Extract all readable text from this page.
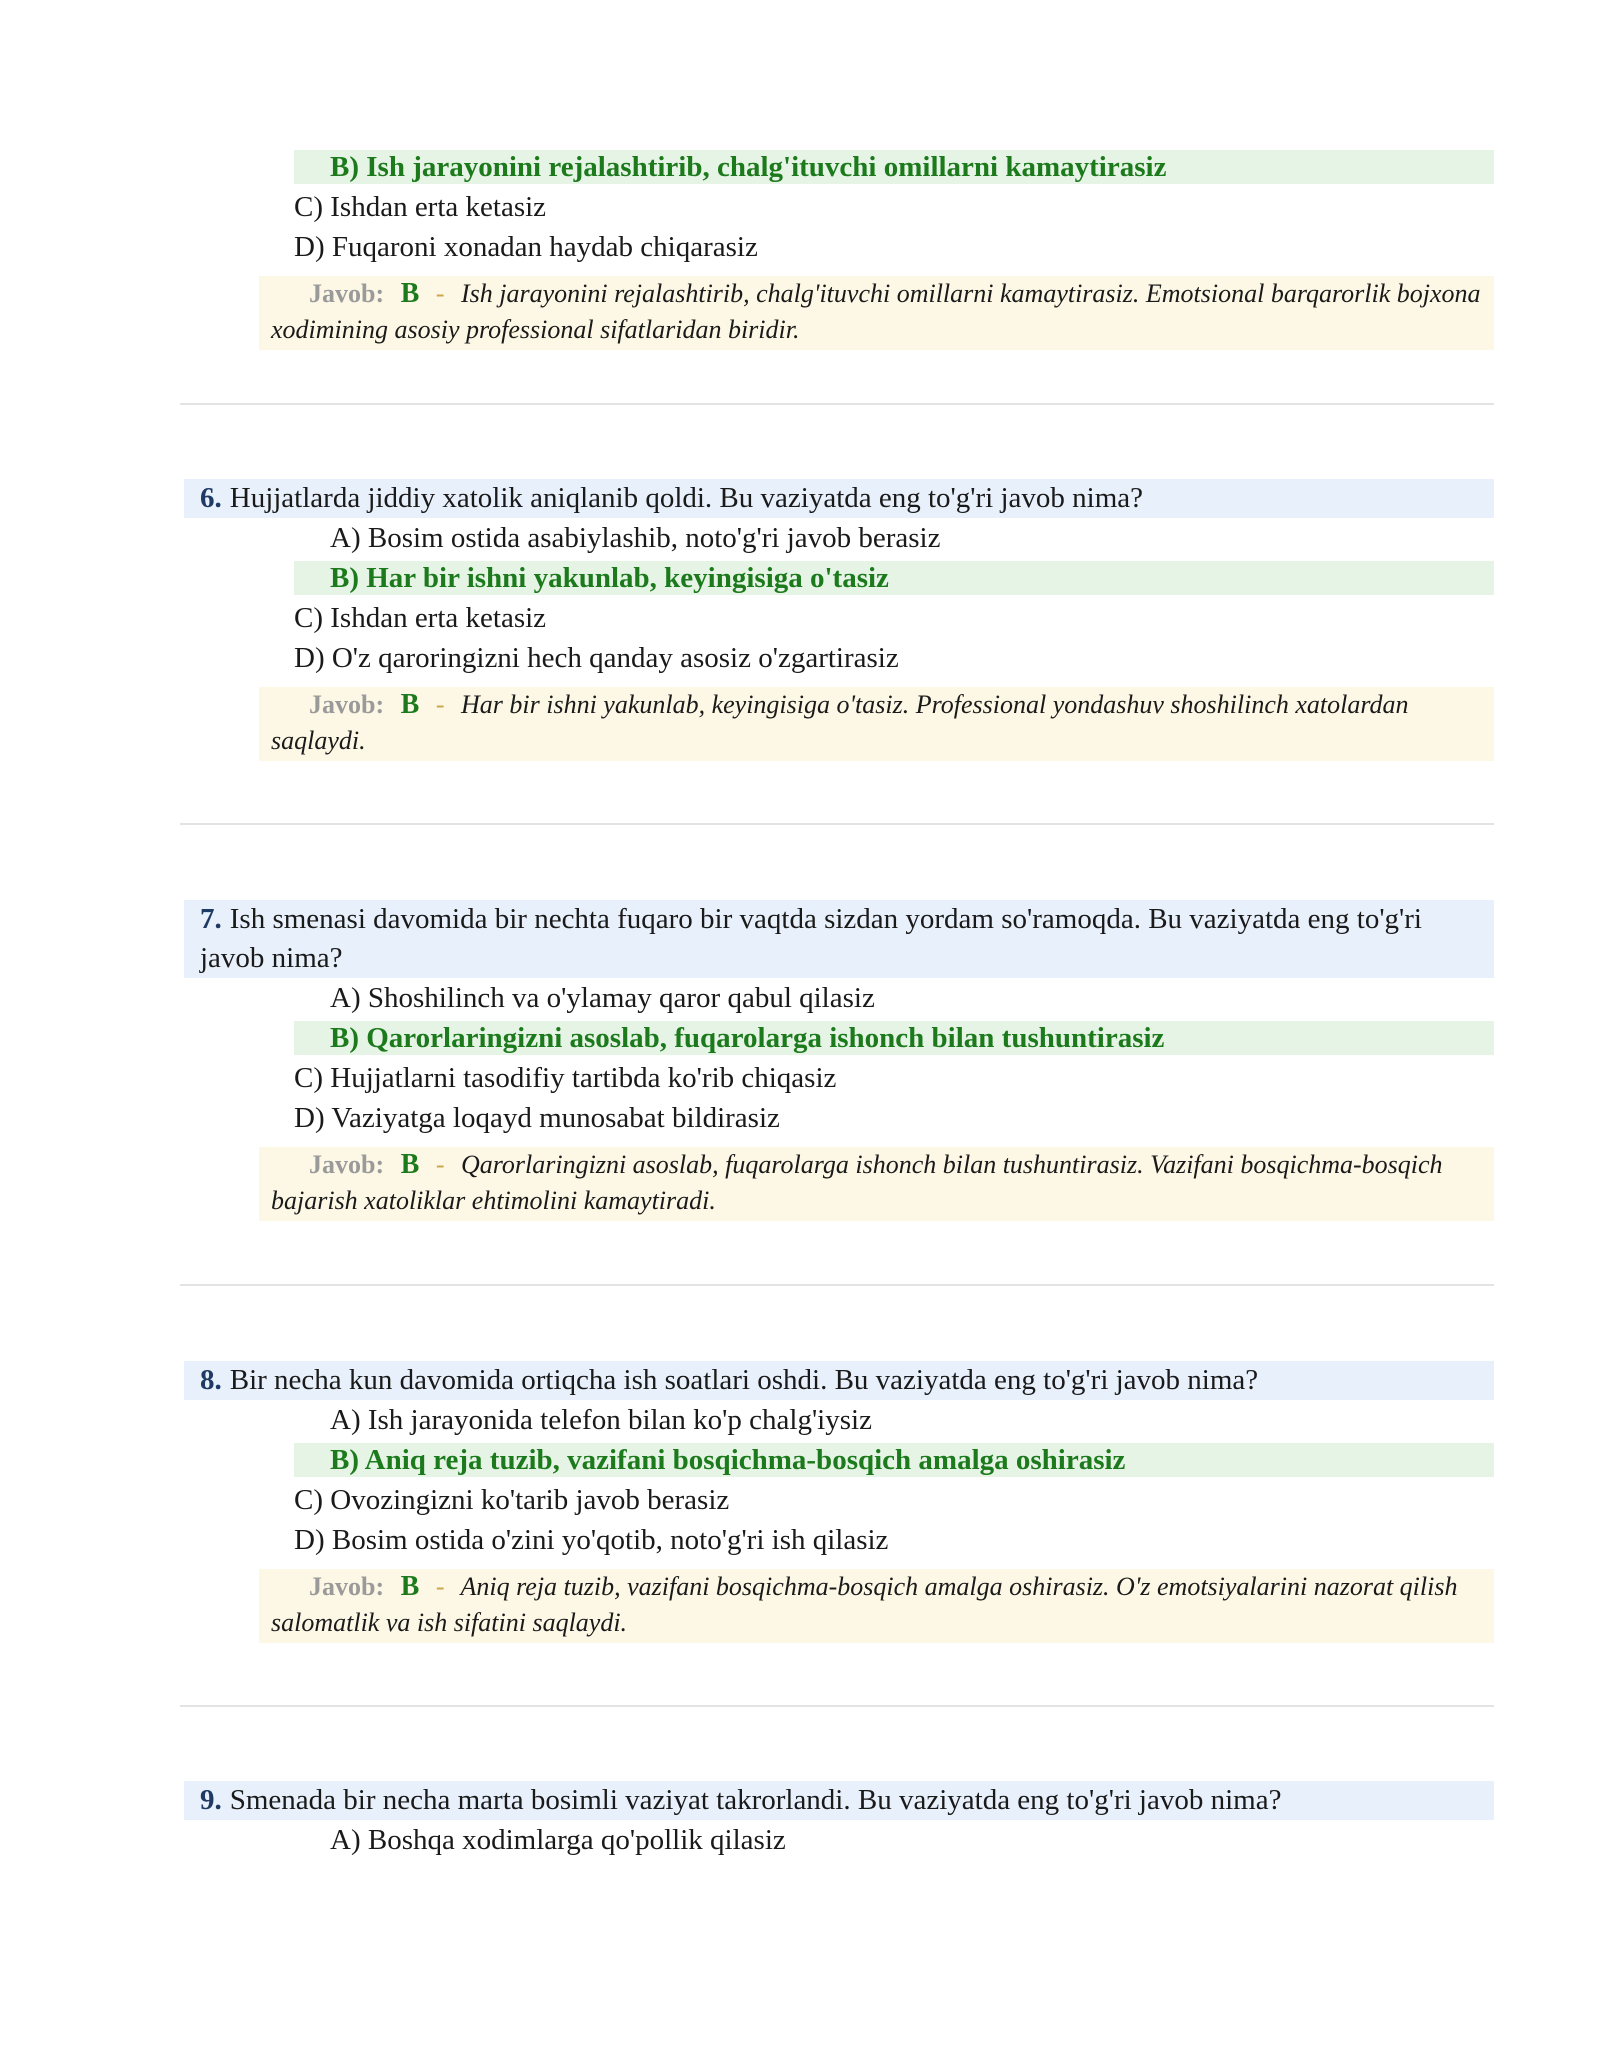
B) Ish jarayonini rejalashtirib, chalg'ituvchi omillarni kamaytirasiz
C) Ishdan erta ketasiz
D) Fuqaroni xonadan haydab chiqarasiz
Javob: B - Ish jarayonini rejalashtirib, chalg'ituvchi omillarni kamaytirasiz. Emotsional barqarorlik bojxona xodimining asosiy professional sifatlaridan biridir.
6. Hujjatlarda jiddiy xatolik aniqlanib qoldi. Bu vaziyatda eng to'g'ri javob nima?
A) Bosim ostida asabiylashib, noto'g'ri javob berasiz
B) Har bir ishni yakunlab, keyingisiga o'tasiz
C) Ishdan erta ketasiz
D) O'z qaroringizni hech qanday asosiz o'zgartirasiz
Javob: B - Har bir ishni yakunlab, keyingisiga o'tasiz. Professional yondashuv shoshilinch xatolardan saqlaydi.
7. Ish smenasi davomida bir nechta fuqaro bir vaqtda sizdan yordam so'ramoqda. Bu vaziyatda eng to'g'ri javob nima?
A) Shoshilinch va o'ylamay qaror qabul qilasiz
B) Qarorlaringizni asoslab, fuqarolarga ishonch bilan tushuntirasiz
C) Hujjatlarni tasodifiy tartibda ko'rib chiqasiz
D) Vaziyatga loqayd munosabat bildirasiz
Javob: B - Qarorlaringizni asoslab, fuqarolarga ishonch bilan tushuntirasiz. Vazifani bosqichma-bosqich bajarish xatoliklar ehtimolini kamaytiradi.
8. Bir necha kun davomida ortiqcha ish soatlari oshdi. Bu vaziyatda eng to'g'ri javob nima?
A) Ish jarayonida telefon bilan ko'p chalg'iysiz
B) Aniq reja tuzib, vazifani bosqichma-bosqich amalga oshirasiz
C) Ovozingizni ko'tarib javob berasiz
D) Bosim ostida o'zini yo'qotib, noto'g'ri ish qilasiz
Javob: B - Aniq reja tuzib, vazifani bosqichma-bosqich amalga oshirasiz. O'z emotsiyalarini nazorat qilish salomatlik va ish sifatini saqlaydi.
9. Smenada bir necha marta bosimli vaziyat takrorlandi. Bu vaziyatda eng to'g'ri javob nima?
A) Boshqa xodimlarga qo'pollik qilasiz
